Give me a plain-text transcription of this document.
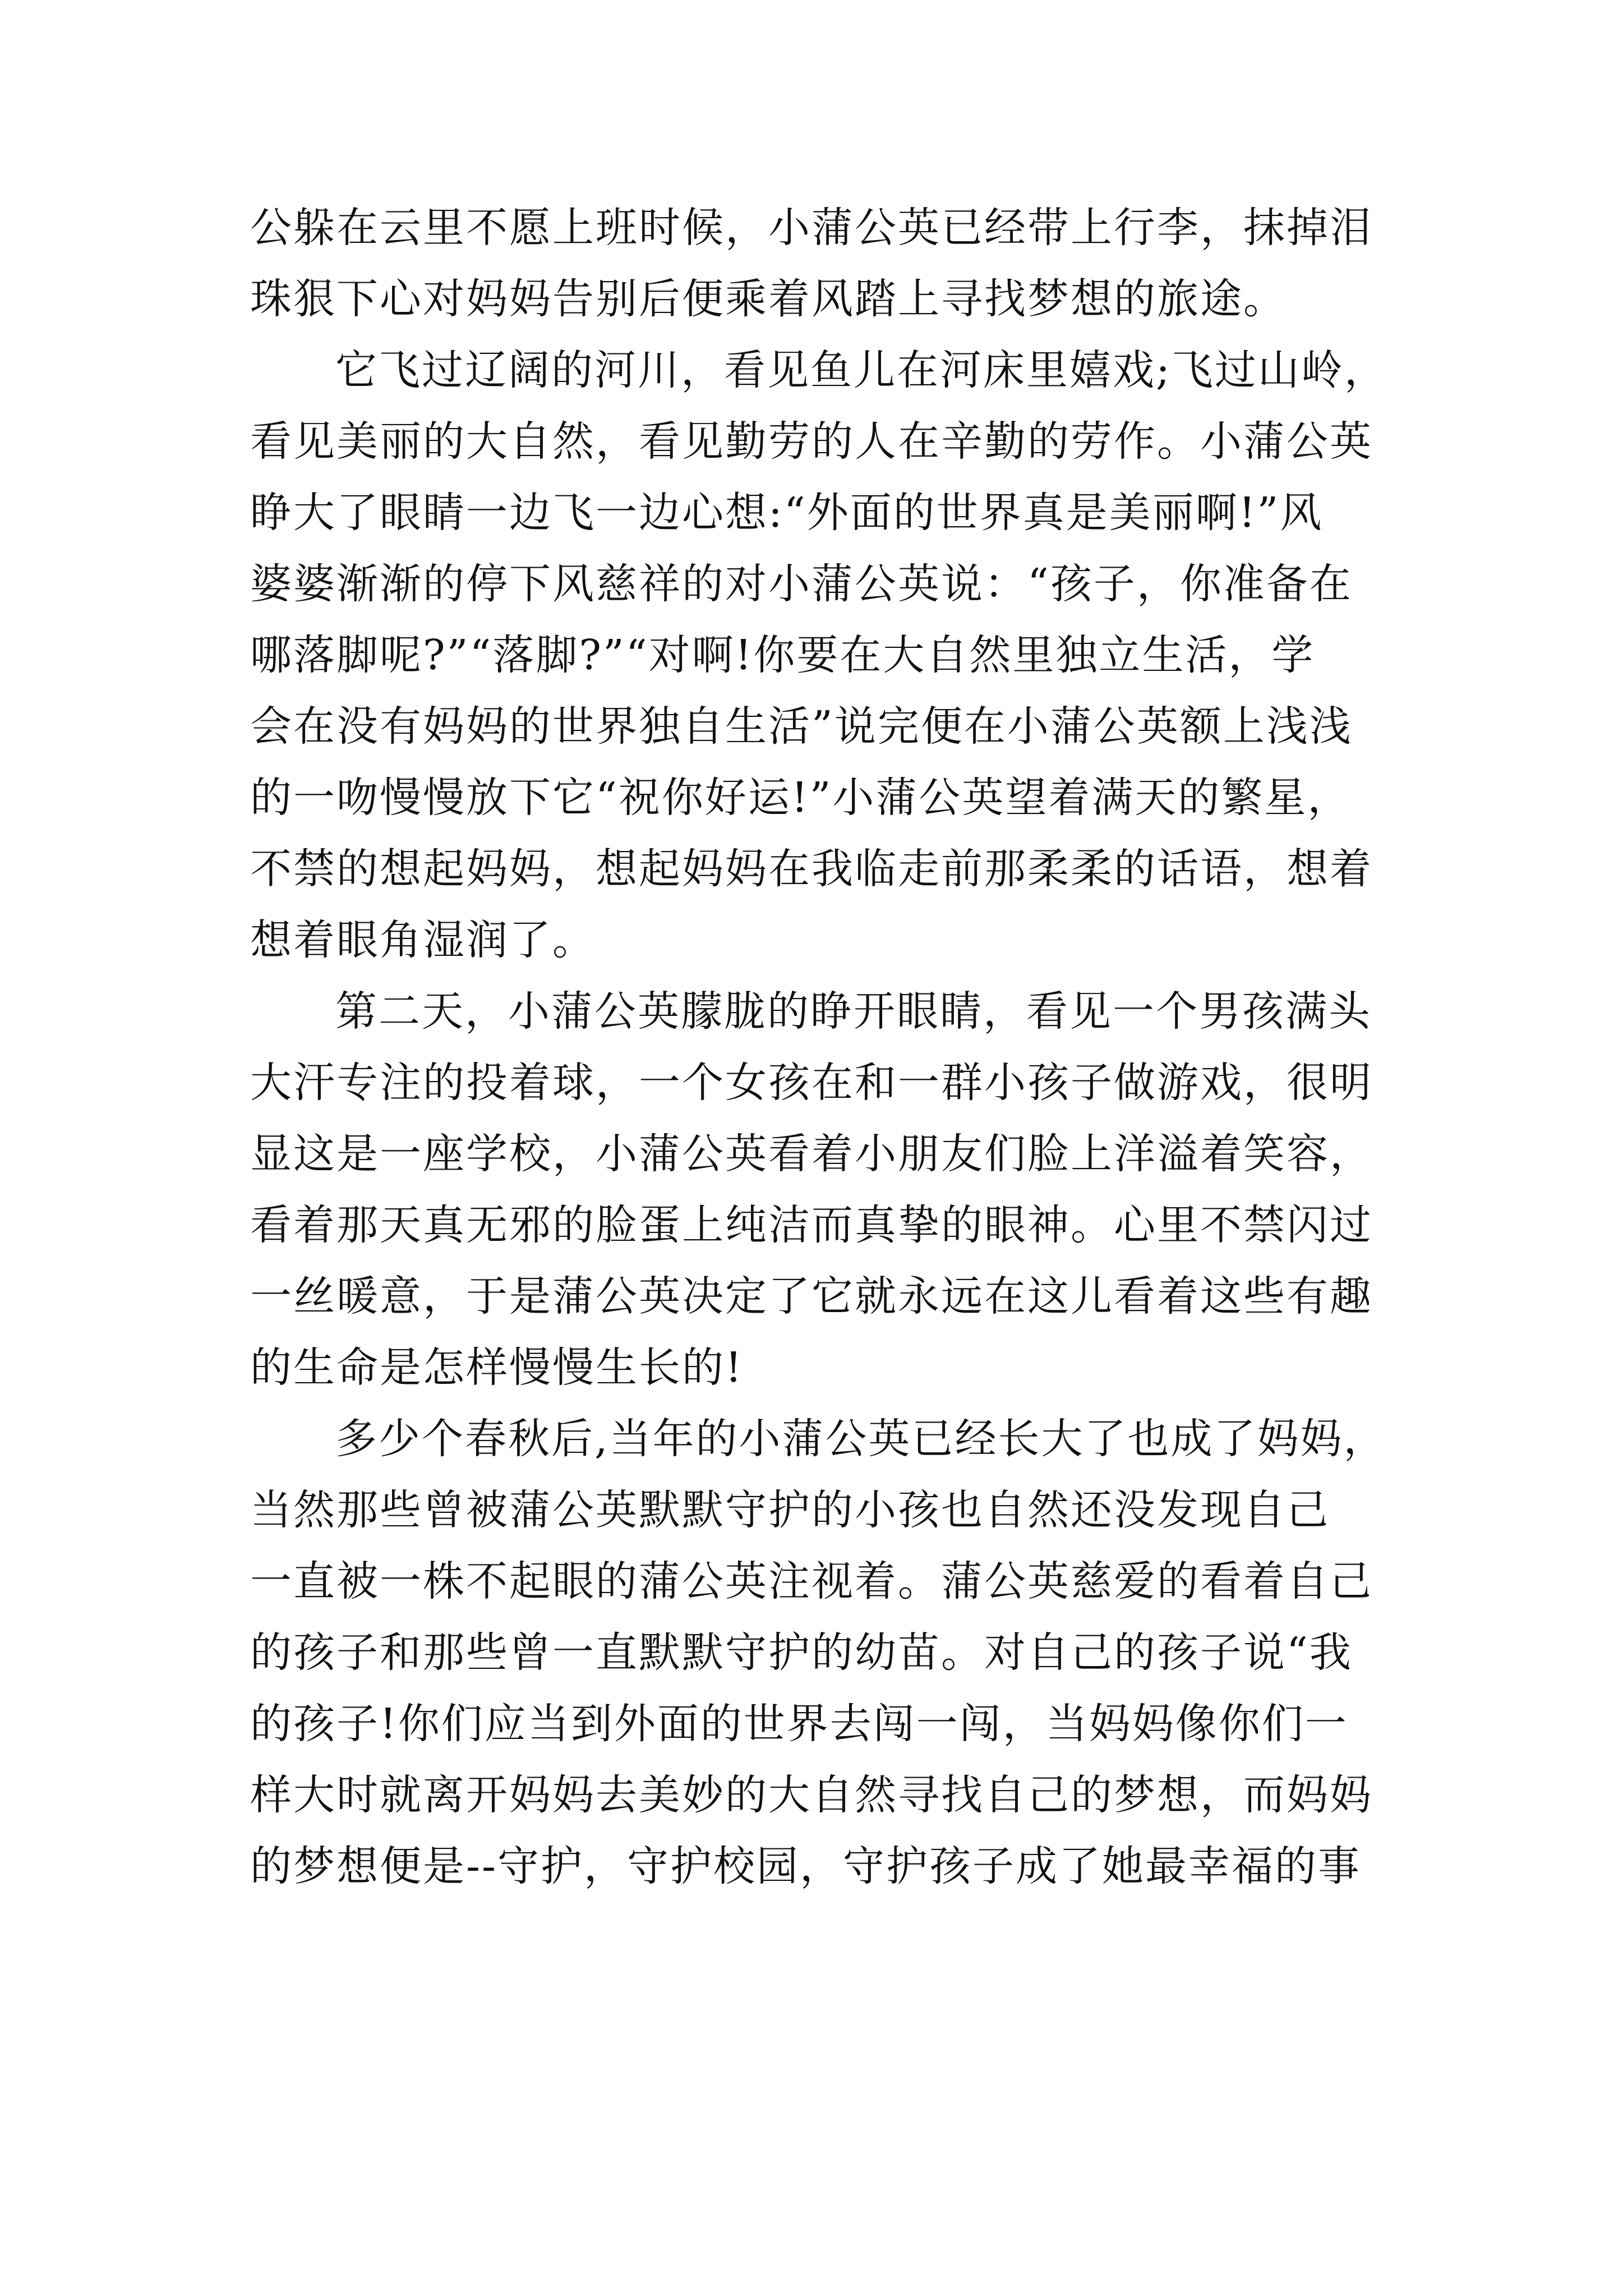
公躲在云里不愿上班时候，小蒲公英已经带上行李，抹掉泪
珠狠下心对妈妈告别后便乘着风踏上寻找梦想的旅途。
它飞过辽阔的河川，看见鱼儿在河床里嬉戏;飞过山岭，
看见美丽的大自然，看见勤劳的人在辛勤的劳作。小蒲公英
睁大了眼睛一边飞一边心想:“外面的世界真是美丽啊!”风
婆婆渐渐的停下风慈祥的对小蒲公英说：“孩子，你准备在
哪落脚呢?”“落脚?”“对啊!你要在大自然里独立生活，学
会在没有妈妈的世界独自生活”说完便在小蒲公英额上浅浅
的一吻慢慢放下它“祝你好运!”小蒲公英望着满天的繁星，
不禁的想起妈妈，想起妈妈在我临走前那柔柔的话语，想着
想着眼角湿润了。
第二天，小蒲公英朦胧的睁开眼睛，看见一个男孩满头
大汗专注的投着球，一个女孩在和一群小孩子做游戏，很明
显这是一座学校，小蒲公英看着小朋友们脸上洋溢着笑容，
看着那天真无邪的脸蛋上纯洁而真挚的眼神。心里不禁闪过
一丝暖意，于是蒲公英决定了它就永远在这儿看着这些有趣
的生命是怎样慢慢生长的!
多少个春秋后,当年的小蒲公英已经长大了也成了妈妈，
当然那些曾被蒲公英默默守护的小孩也自然还没发现自己
一直被一株不起眼的蒲公英注视着。蒲公英慈爱的看着自己
的孩子和那些曾一直默默守护的幼苗。对自己的孩子说“我
的孩子!你们应当到外面的世界去闯一闯，当妈妈像你们一
样大时就离开妈妈去美妙的大自然寻找自己的梦想，而妈妈
的梦想便是--守护，守护校园，守护孩子成了她最幸福的事
